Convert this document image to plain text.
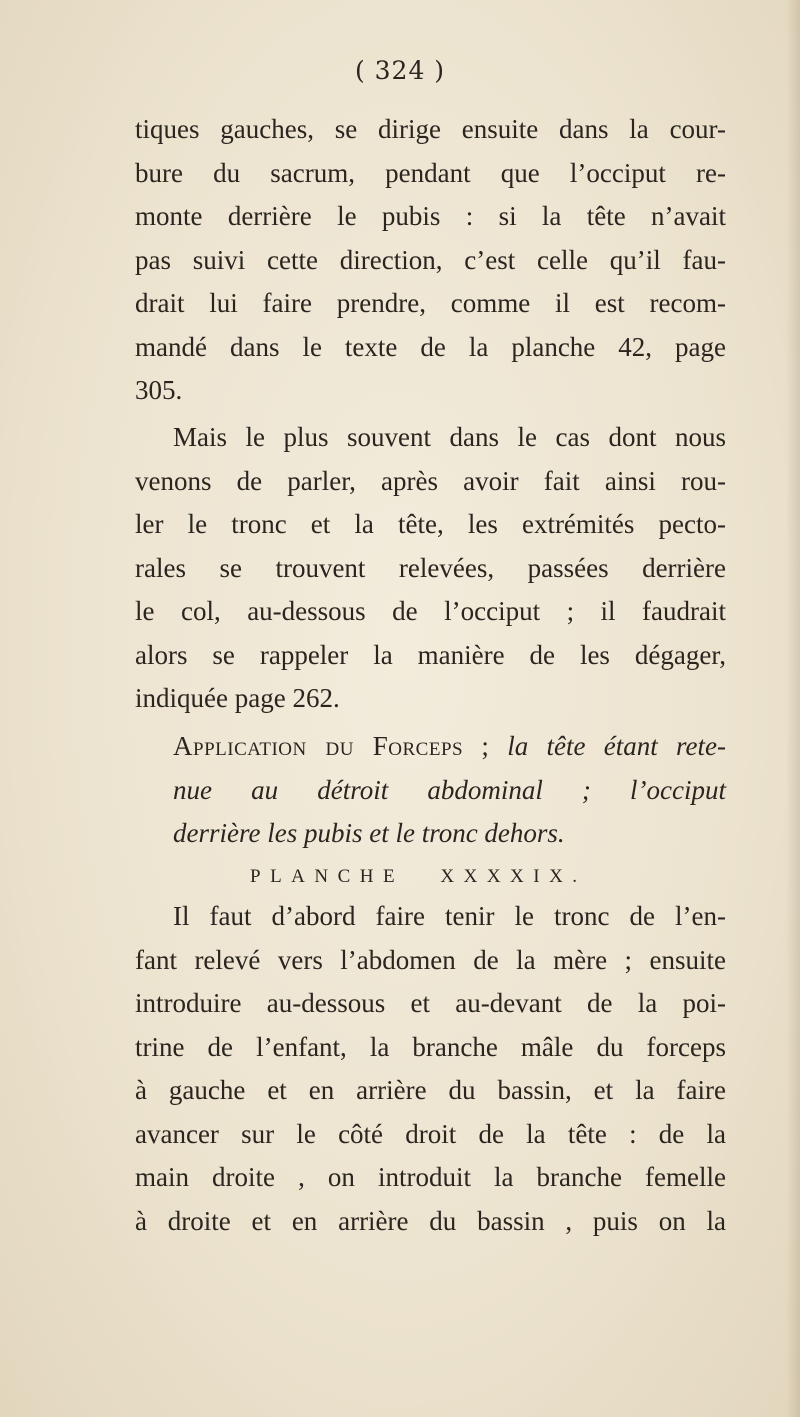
( 324 )
tiques gauches, se dirige ensuite dans la cour-
bure du sacrum, pendant que l’occiput re-
monte derrière le pubis : si la tête n’avait
pas suivi cette direction, c’est celle qu’il fau-
drait lui faire prendre, comme il est recom-
mandé dans le texte de la planche 42, page
305.
Mais le plus souvent dans le cas dont nous
venons de parler, après avoir fait ainsi rou-
ler le tronc et la tête, les extrémités pecto-
rales se trouvent relevées, passées derrière
le col, au-dessous de l’occiput ; il faudrait
alors se rappeler la manière de les dégager,
indiquée page 262.
Application du Forceps ; la tête étant rete-
nue au détroit abdominal ; l’occiput
derrière les pubis et le tronc dehors.
PLANCHE XXXXIX.
Il faut d’abord faire tenir le tronc de l’en-
fant relevé vers l’abdomen de la mère ; ensuite
introduire au-dessous et au-devant de la poi-
trine de l’enfant, la branche mâle du forceps
à gauche et en arrière du bassin, et la faire
avancer sur le côté droit de la tête : de la
main droite , on introduit la branche femelle
à droite et en arrière du bassin , puis on la
